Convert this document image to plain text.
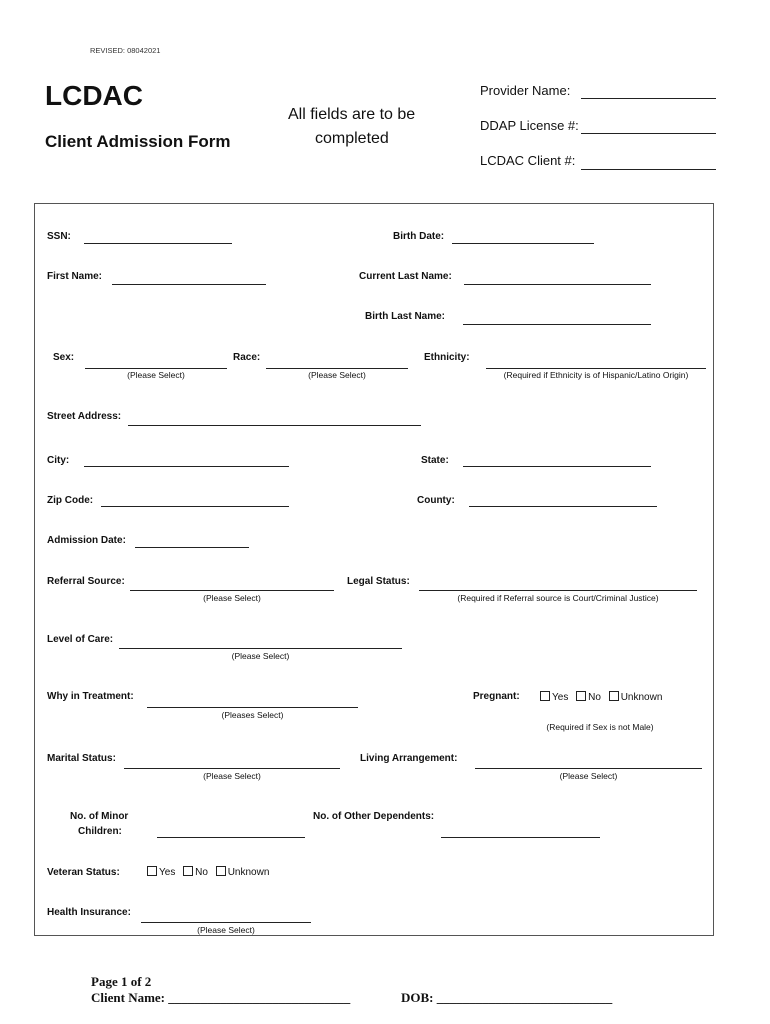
REVISED: 08042021
LCDAC
Client Admission Form
All fields are to be
completed
Provider Name:
DDAP License #:
LCDAC Client #:
SSN:	Birth Date:
First Name:	Current Last Name:
Birth Last Name:
Sex:
(Please Select)
Race:
(Please Select)
Ethnicity:
(Required if Ethnicity is of Hispanic/Latino Origin)
Street Address:
City:	State:
Zip Code:	County:
Admission Date:
Referral Source:
(Please Select)
Legal Status:
(Required if Referral source is Court/Criminal Justice)
Level of Care:
(Please Select)
Why in Treatment:
(Pleases Select)
Pregnant:	Yes No Unknown
(Required if Sex is not Male)
Marital Status:
(Please Select)
Living Arrangement:
(Please Select)
No. of Minor
Children:
No. of Other Dependents:
Veteran Status:	Yes No Unknown
Health Insurance:
(Please Select)
Page 1 of 2
Client Name: ____________________________	DOB: ___________________________
